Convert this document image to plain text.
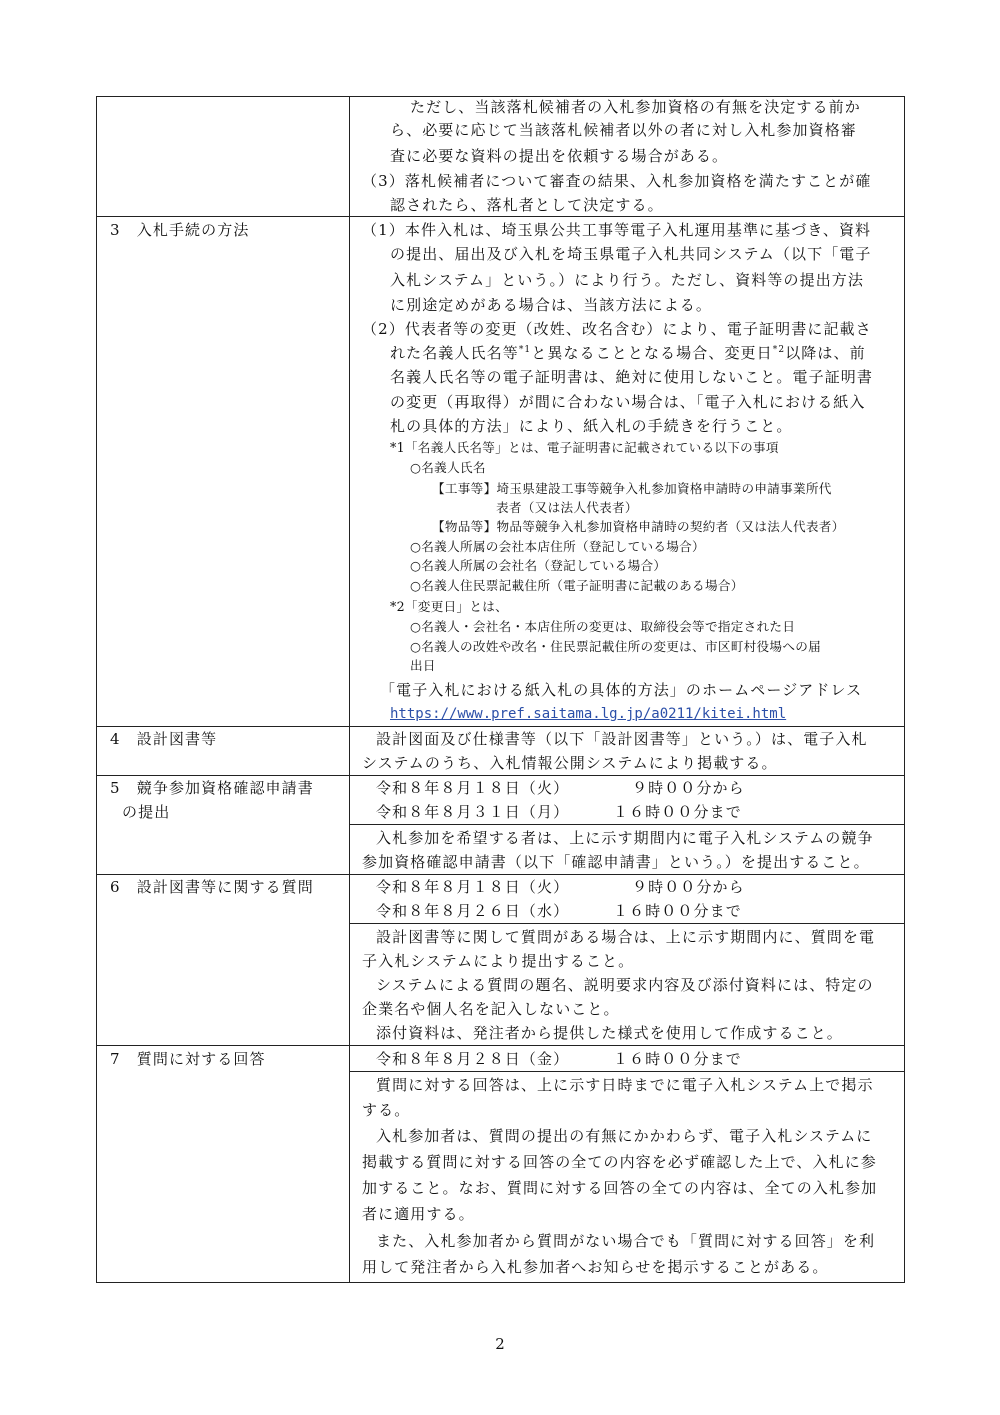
ただし、当該落札候補者の入札参加資格の有無を決定する前か
ら、必要に応じて当該落札候補者以外の者に対し入札参加資格審
査に必要な資料の提出を依頼する場合がある。
（3）落札候補者について審査の結果、入札参加資格を満たすことが確
認されたら、落札者として決定する。
3　入札手続の方法	（1）本件入札は、埼玉県公共工事等電子入札運用基準に基づき、資料
の提出、届出及び入札を埼玉県電子入札共同システム（以下「電子
入札システム」という。）により行う。ただし、資料等の提出方法
に別途定めがある場合は、当該方法による。
（2）代表者等の変更（改姓、改名含む）により、電子証明書に記載さ
れた名義人氏名等$^{*1}$と異なることとなる場合、変更日$^{*2}$以降は、前
名義人氏名等の電子証明書は、絶対に使用しないこと。電子証明書
の変更（再取得）が間に合わない場合は、「電子入札における紙入
札の具体的方法」により、紙入札の手続きを行うこと。
*1「名義人氏名等」とは、電子証明書に記載されている以下の事項
○名義人氏名
【工事等】埼玉県建設工事等競争入札参加資格申請時の申請事業所代
表者（又は法人代表者）
【物品等】物品等競争入札参加資格申請時の契約者（又は法人代表者）
○名義人所属の会社本店住所（登記している場合）
○名義人所属の会社名（登記している場合）
○名義人住民票記載住所（電子証明書に記載のある場合）
*2「変更日」とは、
○名義人・会社名・本店住所の変更は、取締役会等で指定された日
○名義人の改姓や改名・住民票記載住所の変更は、市区町村役場への届
出日
「電子入札における紙入札の具体的方法」のホームページアドレス
https://www.pref.saitama.lg.jp/a0211/kitei.html
4　設計図書等	設計図面及び仕様書等（以下「設計図書等」という。）は、電子入札
システムのうち、入札情報公開システムにより掲載する。
5　競争参加資格確認申請書
の提出
令和８年８月１８日（火）	９時００分から
令和８年８月３１日（月）	１６時００分まで
入札参加を希望する者は、上に示す期間内に電子入札システムの競争
参加資格確認申請書（以下「確認申請書」という。）を提出すること。
6　設計図書等に関する質問	令和８年８月１８日（火）	９時００分から
令和８年８月２６日（水）	１６時００分まで
設計図書等に関して質問がある場合は、上に示す期間内に、質問を電
子入札システムにより提出すること。
システムによる質問の題名、説明要求内容及び添付資料には、特定の
企業名や個人名を記入しないこと。
添付資料は、発注者から提供した様式を使用して作成すること。
7　質問に対する回答	令和８年８月２８日（金）	１６時００分まで
質問に対する回答は、上に示す日時までに電子入札システム上で掲示
する。
入札参加者は、質問の提出の有無にかかわらず、電子入札システムに
掲載する質問に対する回答の全ての内容を必ず確認した上で、入札に参
加すること。なお、質問に対する回答の全ての内容は、全ての入札参加
者に適用する。
また、入札参加者から質問がない場合でも「質問に対する回答」を利
用して発注者から入札参加者へお知らせを掲示することがある。
2
